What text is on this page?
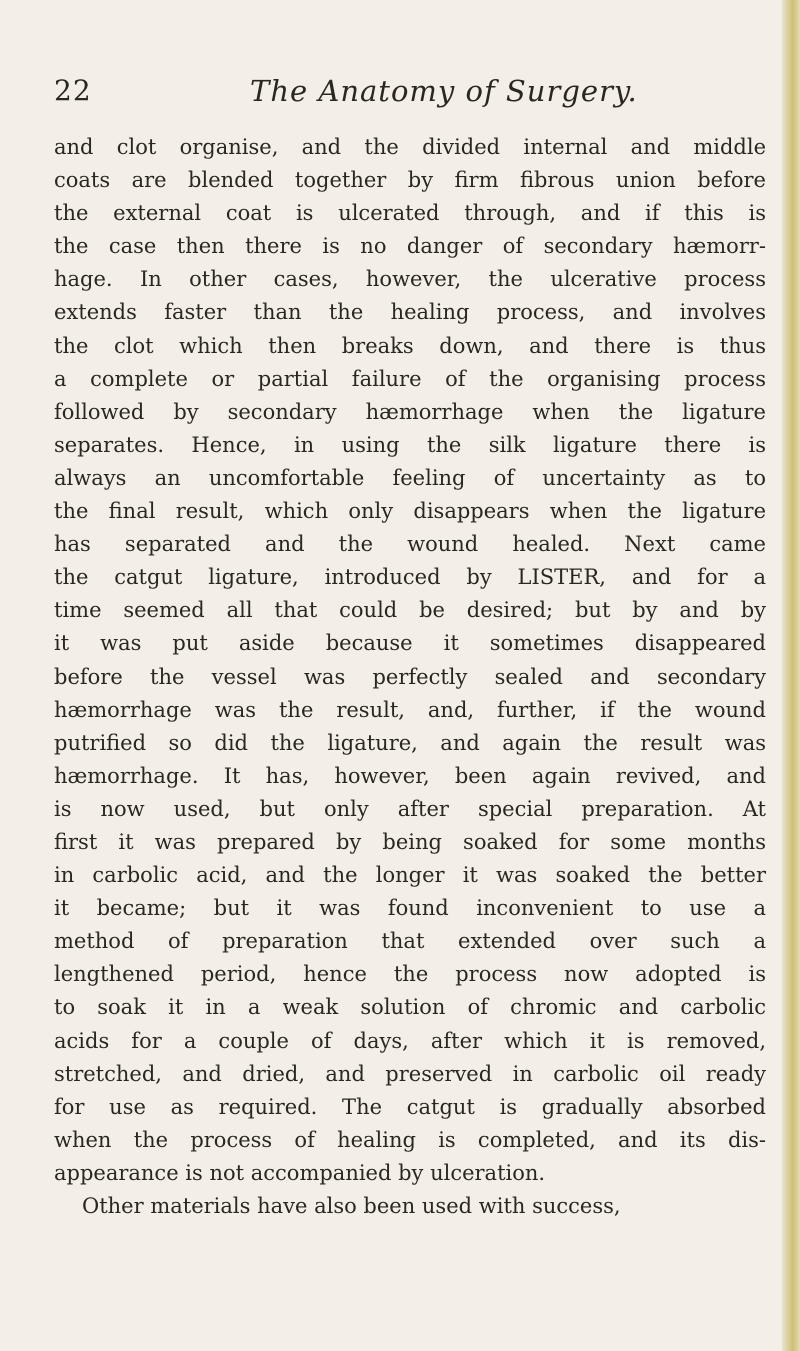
22	The Anatomy of Surgery.
and clot organise, and the divided internal and middle
coats are blended together by firm fibrous union before
the external coat is ulcerated through, and if this is
the case then there is no danger of secondary hæmorr-
hage. In other cases, however, the ulcerative process
extends faster than the healing process, and involves
the clot which then breaks down, and there is thus
a complete or partial failure of the organising process
followed by secondary hæmorrhage when the ligature
separates. Hence, in using the silk ligature there is
always an uncomfortable feeling of uncertainty as to
the final result, which only disappears when the ligature
has separated and the wound healed. Next came
the catgut ligature, introduced by LISTER, and for a
time seemed all that could be desired; but by and by
it was put aside because it sometimes disappeared
before the vessel was perfectly sealed and secondary
hæmorrhage was the result, and, further, if the wound
putrified so did the ligature, and again the result was
hæmorrhage. It has, however, been again revived, and
is now used, but only after special preparation. At
first it was prepared by being soaked for some months
in carbolic acid, and the longer it was soaked the better
it became; but it was found inconvenient to use a
method of preparation that extended over such a
lengthened period, hence the process now adopted is
to soak it in a weak solution of chromic and carbolic
acids for a couple of days, after which it is removed,
stretched, and dried, and preserved in carbolic oil ready
for use as required. The catgut is gradually absorbed
when the process of healing is completed, and its dis-
appearance is not accompanied by ulceration.
Other materials have also been used with success,
